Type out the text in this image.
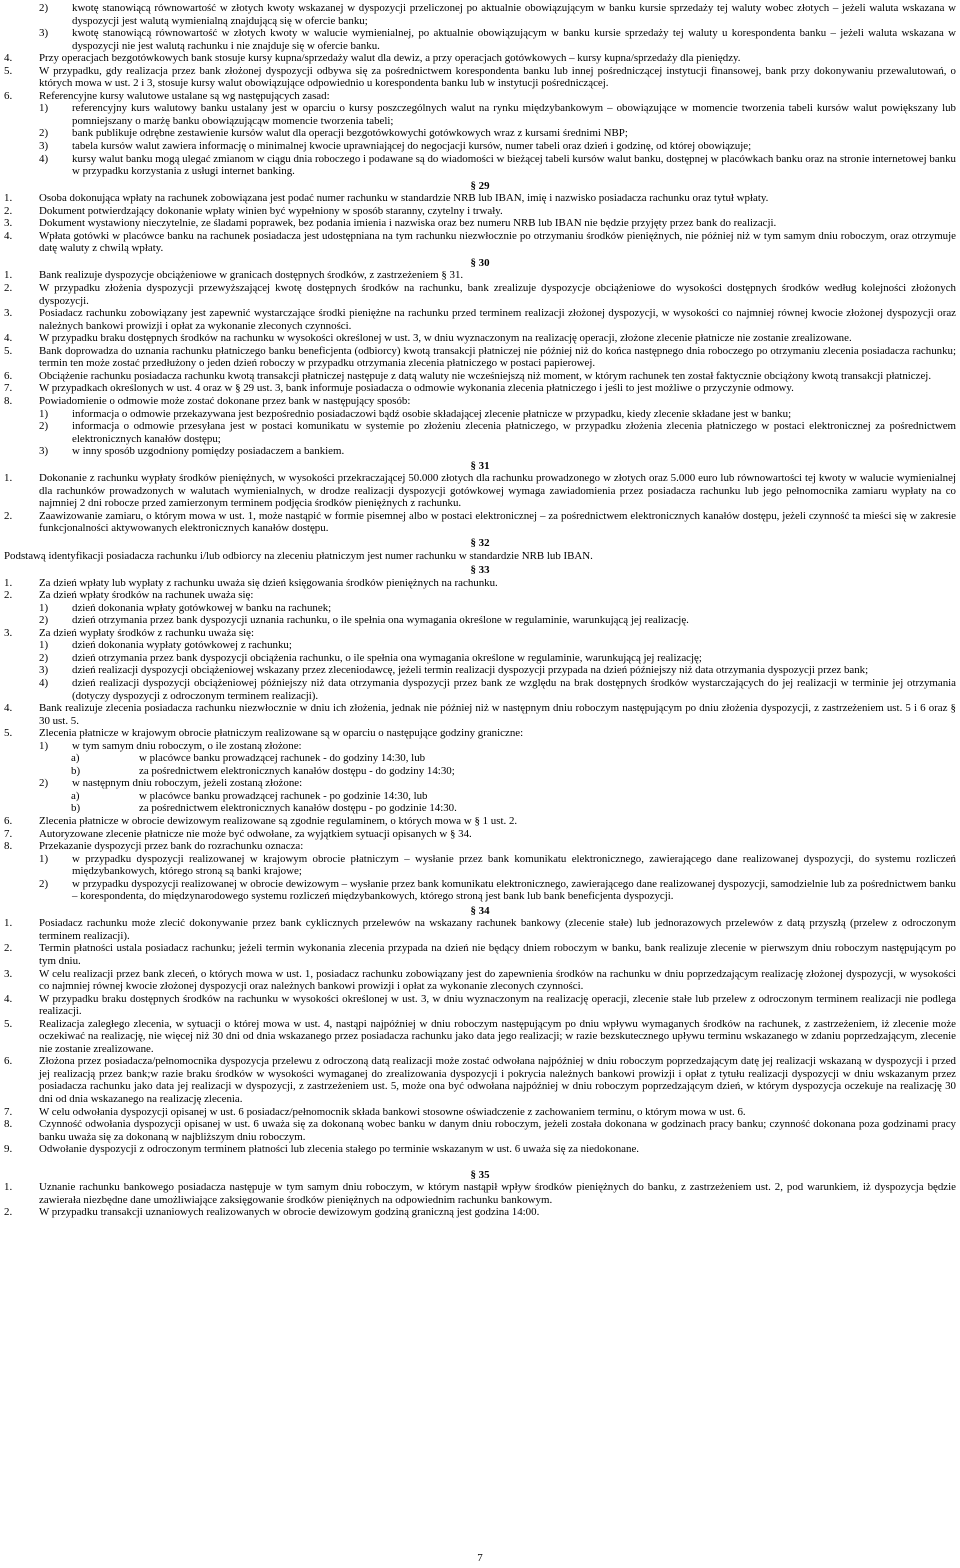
2) kwotę stanowiącą równowartość w złotych kwoty wskazanej w dyspozycji przeliczonej po aktualnie obowiązującym w banku kursie sprzedaży tej waluty wobec złotych – jeżeli waluta wskazana w dyspozycji jest walutą wymienialną znajdującą się w ofercie banku;
3) kwotę stanowiącą równowartość w złotych kwoty w walucie wymienialnej, po aktualnie obowiązującym w banku kursie sprzedaży tej waluty u korespondenta banku – jeżeli waluta wskazana w dyspozycji nie jest walutą rachunku i nie znajduje się w ofercie banku.
4. Przy operacjach bezgotówkowych bank stosuje kursy kupna/sprzedaży walut dla dewiz, a przy operacjach gotówkowych – kursy kupna/sprzedaży dla pieniędzy.
5. W przypadku, gdy realizacja przez bank złożonej dyspozycji odbywa się za pośrednictwem korespondenta banku lub innej pośredniczącej instytucji finansowej, bank przy dokonywaniu przewalutowań, o których mowa w ust. 2 i 3, stosuje kursy walut obowiązujące odpowiednio u korespondenta banku lub w instytucji pośredniczącej.
6. Referencyjne kursy walutowe ustalane są wg następujących zasad:
1) referencyjny kurs walutowy banku ustalany jest w oparciu o kursy poszczególnych walut na rynku międzybankowym – obowiązujące w momencie tworzenia tabeli kursów walut powiększany lub pomniejszany o marżę banku obowiązującąw momencie tworzenia tabeli;
2) bank publikuje odrębne zestawienie kursów walut dla operacji bezgotówkowychi gotówkowych wraz z kursami średnimi NBP;
3) tabela kursów walut zawiera informację o minimalnej kwocie uprawniającej do negocjacji kursów, numer tabeli oraz dzień i godzinę, od której obowiązuje;
4) kursy walut banku mogą ulegać zmianom w ciągu dnia roboczego i podawane są do wiadomości w bieżącej tabeli kursów walut banku, dostępnej w placówkach banku oraz na stronie internetowej banku w przypadku korzystania z usługi internet banking.
§ 29
1. Osoba dokonująca wpłaty na rachunek zobowiązana jest podać numer rachunku w standardzie NRB lub IBAN, imię i nazwisko posiadacza rachunku oraz tytuł wpłaty.
2. Dokument potwierdzający dokonanie wpłaty winien być wypełniony w sposób staranny, czytelny i trwały.
3. Dokument wystawiony nieczytelnie, ze śladami poprawek, bez podania imienia i nazwiska oraz bez numeru NRB lub IBAN nie będzie przyjęty przez bank do realizacji.
4. Wpłata gotówki w placówce banku na rachunek posiadacza jest udostępniana na tym rachunku niezwłocznie po otrzymaniu środków pieniężnych, nie później niż w tym samym dniu roboczym, oraz otrzymuje datę waluty z chwilą wpłaty.
§ 30
1. Bank realizuje dyspozycje obciążeniowe w granicach dostępnych środków, z zastrzeżeniem § 31.
2. W przypadku złożenia dyspozycji przewyższającej kwotę dostępnych środków na rachunku, bank zrealizuje dyspozycje obciążeniowe do wysokości dostępnych środków według kolejności złożonych dyspozycji.
3. Posiadacz rachunku zobowiązany jest zapewnić wystarczające środki pieniężne na rachunku przed terminem realizacji złożonej dyspozycji, w wysokości co najmniej równej kwocie złożonej dyspozycji oraz należnych bankowi prowizji i opłat za wykonanie zleconych czynności.
4. W przypadku braku dostępnych środków na rachunku w wysokości określonej w ust. 3, w dniu wyznaczonym na realizację operacji, złożone zlecenie płatnicze nie zostanie zrealizowane.
5. Bank doprowadza do uznania rachunku płatniczego banku beneficjenta (odbiorcy) kwotą transakcji płatniczej nie później niż do końca następnego dnia roboczego po otrzymaniu zlecenia posiadacza rachunku; termin ten może zostać przedłużony o jeden dzień roboczy w przypadku otrzymania zlecenia płatniczego w postaci papierowej.
6. Obciążenie rachunku posiadacza rachunku kwotą transakcji płatniczej następuje z datą waluty nie wcześniejszą niż moment, w którym rachunek ten został faktycznie obciążony kwotą transakcji płatniczej.
7. W przypadkach określonych w ust. 4 oraz w § 29 ust. 3, bank informuje posiadacza o odmowie wykonania zlecenia płatniczego i jeśli to jest możliwe o przyczynie odmowy.
8. Powiadomienie o odmowie może zostać dokonane przez bank w następujący sposób:
1) informacja o odmowie przekazywana jest bezpośrednio posiadaczowi bądź osobie składającej zlecenie płatnicze w przypadku, kiedy zlecenie składane jest w banku;
2) informacja o odmowie przesyłana jest w postaci komunikatu w systemie po złożeniu zlecenia płatniczego, w przypadku złożenia zlecenia płatniczego w postaci elektronicznej za pośrednictwem elektronicznych kanałów dostępu;
3) w inny sposób uzgodniony pomiędzy posiadaczem a bankiem.
§ 31
1. Dokonanie z rachunku wypłaty środków pieniężnych, w wysokości przekraczającej 50.000 złotych dla rachunku prowadzonego w złotych oraz 5.000 euro lub równowartości tej kwoty w walucie wymienialnej dla rachunków prowadzonych w walutach wymienialnych, w drodze realizacji dyspozycji gotówkowej wymaga zawiadomienia przez posiadacza rachunku lub jego pełnomocnika zamiaru wypłaty na co najmniej 2 dni robocze przed zamierzonym terminem podjęcia środków pieniężnych z rachunku.
2. Zaawizowanie zamiaru, o którym mowa w ust. 1, może nastąpić w formie pisemnej albo w postaci elektronicznej – za pośrednictwem elektronicznych kanałów dostępu, jeżeli czynność ta mieści się w zakresie funkcjonalności aktywowanych elektronicznych kanałów dostępu.
§ 32
Podstawą identyfikacji posiadacza rachunku i/lub odbiorcy na zleceniu płatniczym jest numer rachunku w standardzie NRB lub IBAN.
§ 33
1. Za dzień wpłaty lub wypłaty z rachunku uważa się dzień księgowania środków pieniężnych na rachunku.
2. Za dzień wpłaty środków na rachunek uważa się:
1) dzień dokonania wpłaty gotówkowej w banku na rachunek;
2) dzień otrzymania przez bank dyspozycji uznania rachunku, o ile spełnia ona wymagania określone w regulaminie, warunkującą jej realizację.
3. Za dzień wypłaty środków z rachunku uważa się:
1) dzień dokonania wypłaty gotówkowej z rachunku;
2) dzień otrzymania przez bank dyspozycji obciążenia rachunku, o ile spełnia ona wymagania określone w regulaminie, warunkującą jej realizację;
3) dzień realizacji dyspozycji obciążeniowej wskazany przez zleceniodawcę, jeżeli termin realizacji dyspozycji przypada na dzień późniejszy niż data otrzymania dyspozycji przez bank;
4) dzień realizacji dyspozycji obciążeniowej późniejszy niż data otrzymania dyspozycji przez bank ze względu na brak dostępnych środków wystarczających do jej realizacji w terminie jej otrzymania (dotyczy dyspozycji z odroczonym terminem realizacji).
4. Bank realizuje zlecenia posiadacza rachunku niezwłocznie w dniu ich złożenia, jednak nie później niż w następnym dniu roboczym następującym po dniu złożenia dyspozycji, z zastrzeżeniem ust. 5 i 6 oraz § 30 ust. 5.
5. Zlecenia płatnicze w krajowym obrocie płatniczym realizowane są w oparciu o następujące godziny graniczne:
1) w tym samym dniu roboczym, o ile zostaną złożone:
a)	w placówce banku prowadzącej rachunek - do godziny 14:30, lub
b)	za pośrednictwem elektronicznych kanałów dostępu - do godziny 14:30;
2) w następnym dniu roboczym, jeżeli zostaną złożone:
a)	w placówce banku prowadzącej rachunek - po godzinie 14:30, lub
b)	za pośrednictwem elektronicznych kanałów dostępu - po godzinie 14:30.
6. Zlecenia płatnicze w obrocie dewizowym realizowane są zgodnie regulaminem, o których mowa w § 1 ust. 2.
7. Autoryzowane zlecenie płatnicze nie może być odwołane, za wyjątkiem sytuacji opisanych w § 34.
8. Przekazanie dyspozycji przez bank do rozrachunku oznacza:
1) w przypadku dyspozycji realizowanej w krajowym obrocie płatniczym – wysłanie przez bank komunikatu elektronicznego, zawierającego dane realizowanej dyspozycji, do systemu rozliczeń międzybankowych, którego stroną są banki krajowe;
2) w przypadku dyspozycji realizowanej w obrocie dewizowym – wysłanie przez bank komunikatu elektronicznego, zawierającego dane realizowanej dyspozycji, samodzielnie lub za pośrednictwem banku – korespondenta, do międzynarodowego systemu rozliczeń międzybankowych, którego stroną jest bank lub bank beneficjenta dyspozycji.
§ 34
1. Posiadacz rachunku może zlecić dokonywanie przez bank cyklicznych przelewów na wskazany rachunek bankowy (zlecenie stałe) lub jednorazowych przelewów z datą przyszłą (przelew z odroczonym terminem realizacji).
2. Termin płatności ustala posiadacz rachunku; jeżeli termin wykonania zlecenia przypada na dzień nie będący dniem roboczym w banku, bank realizuje zlecenie w pierwszym dniu roboczym następującym po tym dniu.
3. W celu realizacji przez bank zleceń, o których mowa w ust. 1, posiadacz rachunku zobowiązany jest do zapewnienia środków na rachunku w dniu poprzedzającym realizację złożonej dyspozycji, w wysokości co najmniej równej kwocie złożonej dyspozycji oraz należnych bankowi prowizji i opłat za wykonanie zleconych czynności.
4. W przypadku braku dostępnych środków na rachunku w wysokości określonej w ust. 3, w dniu wyznaczonym na realizację operacji, zlecenie stałe lub przelew z odroczonym terminem realizacji nie podlega realizacji.
5. Realizacja zaległego zlecenia, w sytuacji o której mowa w ust. 4, nastąpi najpóźniej w dniu roboczym następującym po dniu wpływu wymaganych środków na rachunek, z zastrzeżeniem, iż zlecenie może oczekiwać na realizację, nie więcej niż 30 dni od dnia wskazanego przez posiadacza rachunku jako data jego realizacji; w razie bezskutecznego upływu terminu wskazanego w zdaniu poprzedzającym, zlecenie nie zostanie zrealizowane.
6. Złożona przez posiadacza/pełnomocnika dyspozycja przelewu z odroczoną datą realizacji może zostać odwołana najpóźniej w dniu roboczym poprzedzającym datę jej realizacji wskazaną w dyspozycji i przed jej realizacją przez bank;w razie braku środków w wysokości wymaganej do zrealizowania dyspozycji i pokrycia należnych bankowi prowizji i opłat z tytułu realizacji dyspozycji w dniu wskazanym przez posiadacza rachunku jako data jej realizacji w dyspozycji, z zastrzeżeniem ust. 5, może ona być odwołana najpóźniej w dniu roboczym poprzedzającym dzień, w którym dyspozycja oczekuje na realizację 30 dni od dnia wskazanego na realizację zlecenia.
7. W celu odwołania dyspozycji opisanej w ust. 6 posiadacz/pełnomocnik składa bankowi stosowne oświadczenie z zachowaniem terminu, o którym mowa w ust. 6.
8. Czynność odwołania dyspozycji opisanej w ust. 6 uważa się za dokonaną wobec banku w danym dniu roboczym, jeżeli została dokonana w godzinach pracy banku; czynność dokonana poza godzinami pracy banku uważa się za dokonaną w najbliższym dniu roboczym.
9. Odwołanie dyspozycji z odroczonym terminem płatności lub zlecenia stałego po terminie wskazanym w ust. 6 uważa się za niedokonane.
§ 35
1. Uznanie rachunku bankowego posiadacza następuje w tym samym dniu roboczym, w którym nastąpił wpływ środków pieniężnych do banku, z zastrzeżeniem ust. 2, pod warunkiem, iż dyspozycja będzie zawierała niezbędne dane umożliwiające zaksięgowanie środków pieniężnych na odpowiednim rachunku bankowym.
2. W przypadku transakcji uznaniowych realizowanych w obrocie dewizowym godziną graniczną jest godzina 14:00.
7
